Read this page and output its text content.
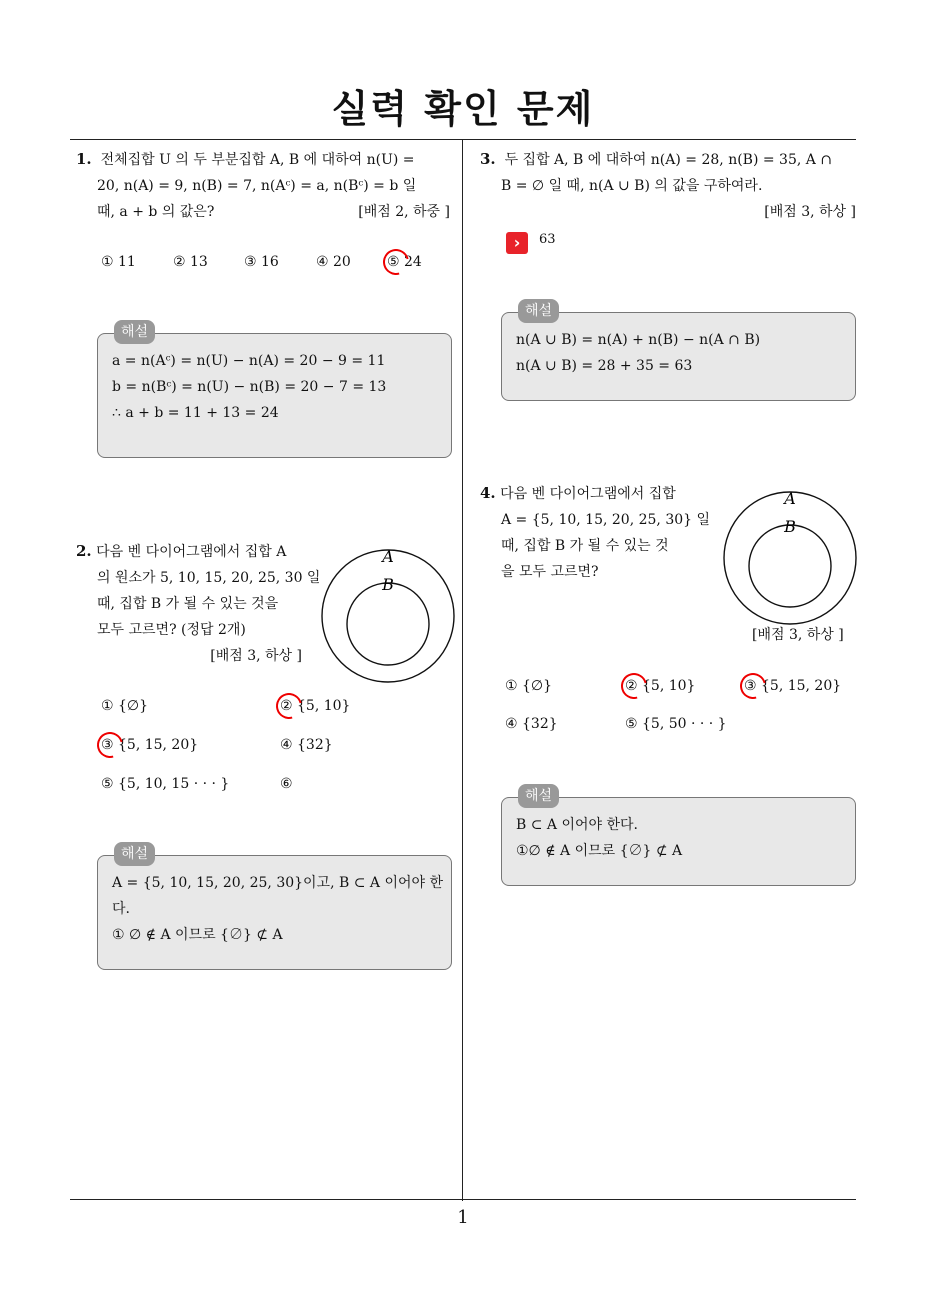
실력 확인 문제
1
1. 전체집합 U 의 두 부분집합 A, B 에 대하여 n(U) =
20, n(A) = 9, n(B) = 7, n(Aᶜ) = a, n(Bᶜ) = b 일
때, a + b 의 값은?	[배점 2, 하중 ]
① 11	② 13	③ 16	④ 20	⑤ 24
해설
a = n(Aᶜ) = n(U) − n(A) = 20 − 9 = 11
b = n(Bᶜ) = n(U) − n(B) = 20 − 7 = 13
∴ a + b = 11 + 13 = 24
2. 다음 벤 다이어그램에서 집합 A
의 원소가 5, 10, 15, 20, 25, 30 일
때, 집합 B 가 될 수 있는 것을
모두 고르면? (정답 2개)
[배점 3, 하상 ]
A
B
① {∅}	② {5, 10}
③ {5, 15, 20}	④ {32}
⑤ {5, 10, 15 · · · }	⑥
해설
A = {5, 10, 15, 20, 25, 30}이고, B ⊂ A 이어야 한
다.
① ∅ ∉ A 이므로 {∅} ⊄ A
3. 두 집합 A, B 에 대하여 n(A) = 28, n(B) = 35, A ∩
B = ∅ 일 때, n(A ∪ B) 의 값을 구하여라.
[배점 3, 하상 ]
›	63
해설
n(A ∪ B) = n(A) + n(B) − n(A ∩ B)
n(A ∪ B) = 28 + 35 = 63
4. 다음 벤 다이어그램에서 집합
A = {5, 10, 15, 20, 25, 30} 일
때, 집합 B 가 될 수 있는 것
을 모두 고르면?
A
B
[배점 3, 하상 ]
① {∅}	② {5, 10}	③ {5, 15, 20}
④ {32}	⑤ {5, 50 · · · }
해설
B ⊂ A 이어야 한다.
①∅ ∉ A 이므로 {∅} ⊄ A
